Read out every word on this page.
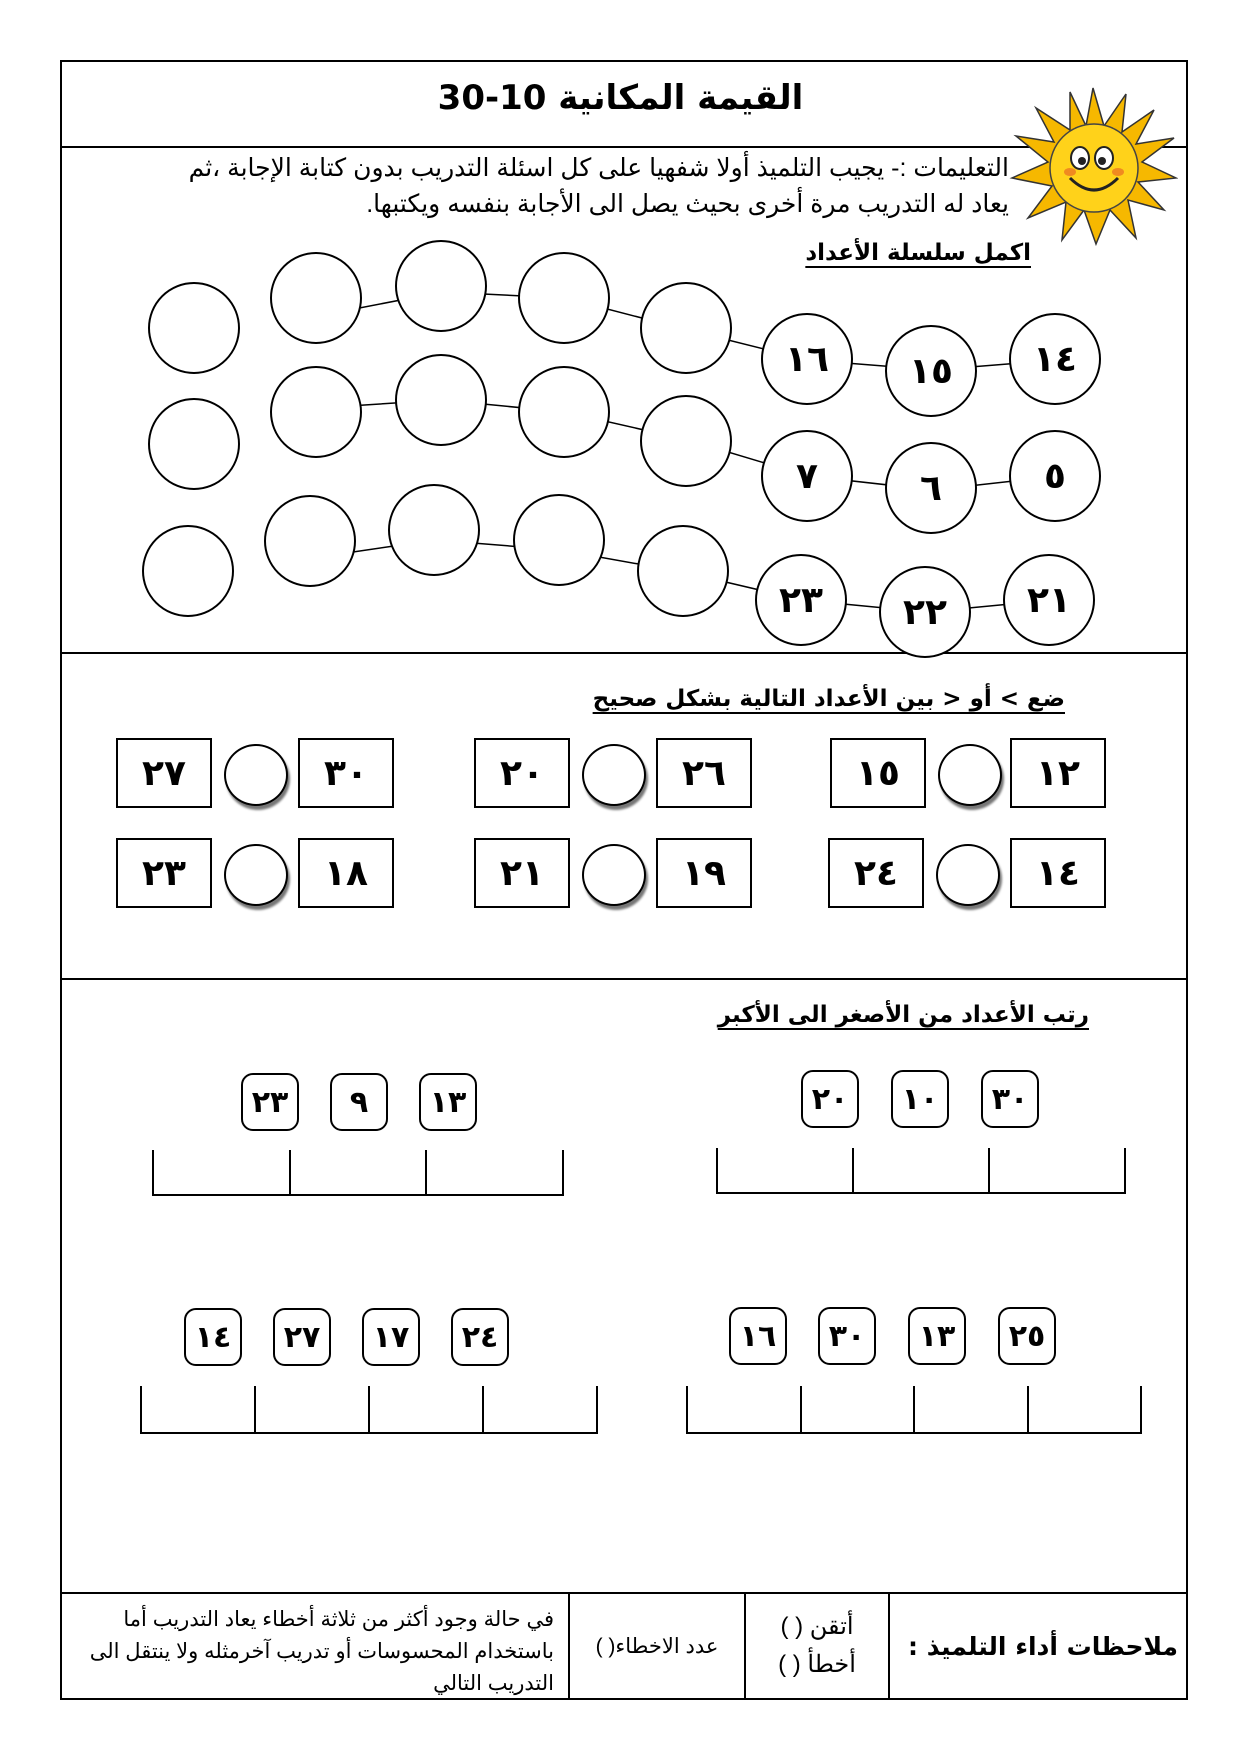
القيمة المكانية 10-30
التعليمات :- يجيب التلميذ أولا شفهيا على كل اسئلة التدريب بدون كتابة الإجابة ،ثم يعاد له التدريب مرة أخرى بحيث يصل الى الأجابة بنفسه ويكتبها.
اكمل سلسلة الأعداد
١٤
١٥
١٦
٥
٦
٧
٢١
٢٢
٢٣
ضع > أو < بين الأعداد التالية بشكل صحيح
١٢
١٥
٢٦
٢٠
٣٠
٢٧
١٤
٢٤
١٩
٢١
١٨
٢٣
رتب الأعداد من الأصغر الى الأكبر
٣٠
١٠
٢٠
١٣
٩
٢٣
٢٥
١٣
٣٠
١٦
٢٤
١٧
٢٧
١٤
في حالة وجود أكثر من ثلاثة أخطاء يعاد التدريب أما باستخدام المحسوسات أو تدريب آخرمثله ولا ينتقل الى التدريب التالي
عدد الاخطاء( )
أتقن ( )
أخطأ ( )
ملاحظات أداء التلميذ :
